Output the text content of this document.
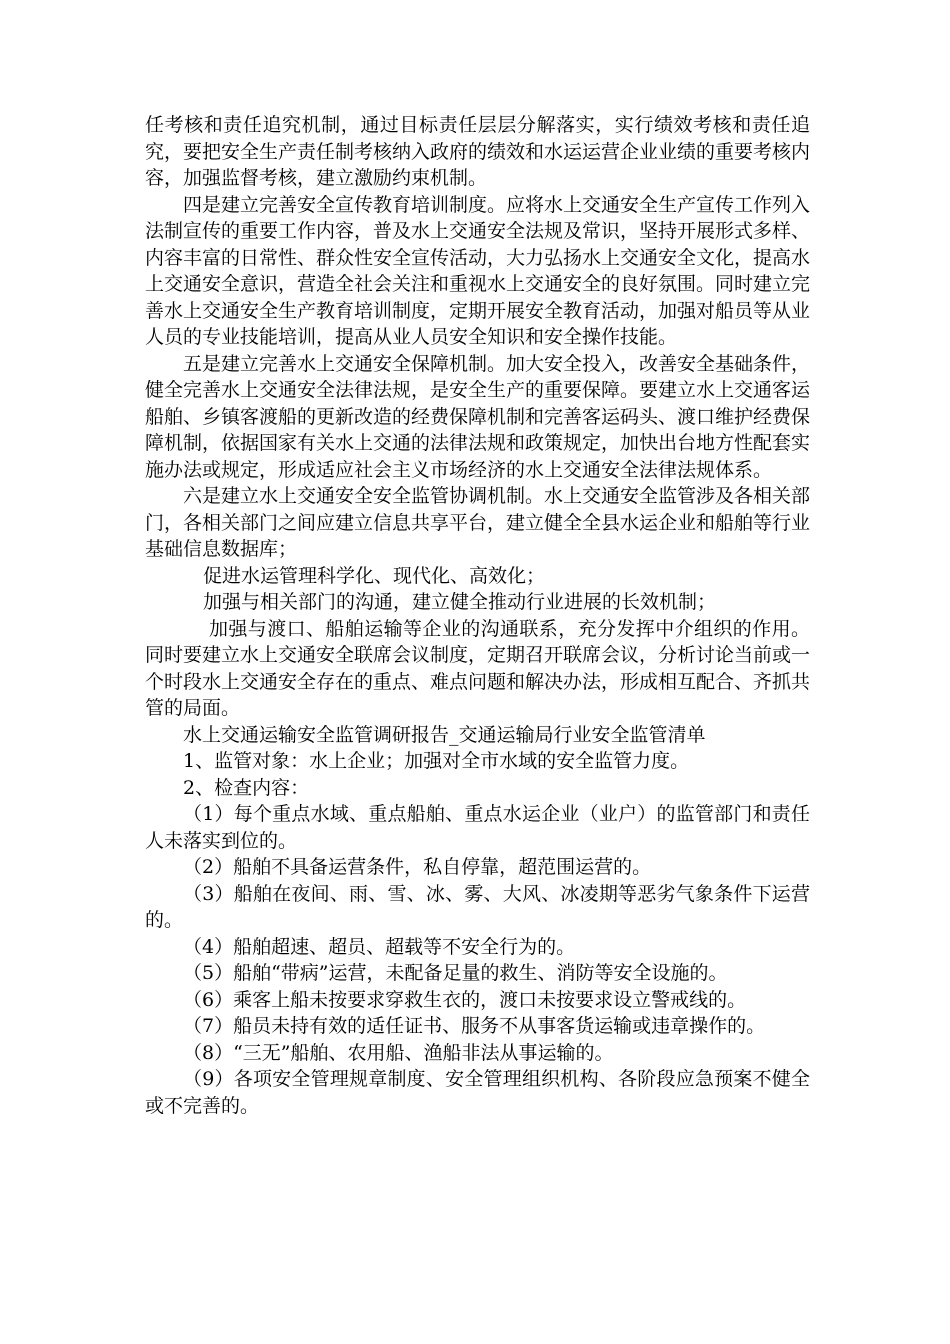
任考核和责任追究机制，通过目标责任层层分解落实，实行绩效考核和责任追究，要把安全生产责任制考核纳入政府的绩效和水运运营企业业绩的重要考核内容，加强监督考核，建立激励约束机制。

四是建立完善安全宣传教育培训制度。应将水上交通安全生产宣传工作列入法制宣传的重要工作内容，普及水上交通安全法规及常识，坚持开展形式多样、内容丰富的日常性、群众性安全宣传活动，大力弘扬水上交通安全文化，提高水上交通安全意识，营造全社会关注和重视水上交通安全的良好氛围。同时建立完善水上交通安全生产教育培训制度，定期开展安全教育活动，加强对船员等从业人员的专业技能培训，提高从业人员安全知识和安全操作技能。

五是建立完善水上交通安全保障机制。加大安全投入，改善安全基础条件，健全完善水上交通安全法律法规，是安全生产的重要保障。要建立水上交通客运船舶、乡镇客渡船的更新改造的经费保障机制和完善客运码头、渡口维护经费保障机制，依据国家有关水上交通的法律法规和政策规定，加快出台地方性配套实施办法或规定，形成适应社会主义市场经济的水上交通安全法律法规体系。

六是建立水上交通安全安全监管协调机制。水上交通安全监管涉及各相关部门，各相关部门之间应建立信息共享平台，建立健全全县水运企业和船舶等行业基础信息数据库；

促进水运管理科学化、现代化、高效化；

加强与相关部门的沟通，建立健全推动行业进展的长效机制；

加强与渡口、船舶运输等企业的沟通联系，充分发挥中介组织的作用。同时要建立水上交通安全联席会议制度，定期召开联席会议，分析讨论当前或一个时段水上交通安全存在的重点、难点问题和解决办法，形成相互配合、齐抓共管的局面。

水上交通运输安全监管调研报告_交通运输局行业安全监管清单

1、监管对象：水上企业；加强对全市水域的安全监管力度。

2、检查内容：

（1）每个重点水域、重点船舶、重点水运企业（业户）的监管部门和责任人未落实到位的。

（2）船舶不具备运营条件，私自停靠，超范围运营的。

（3）船舶在夜间、雨、雪、冰、雾、大风、冰凌期等恶劣气象条件下运营的。

（4）船舶超速、超员、超载等不安全行为的。

（5）船舶“带病”运营，未配备足量的救生、消防等安全设施的。

（6）乘客上船未按要求穿救生衣的，渡口未按要求设立警戒线的。

（7）船员未持有效的适任证书、服务不从事客货运输或违章操作的。

（8）“三无”船舶、农用船、渔船非法从事运输的。

（9）各项安全管理规章制度、安全管理组织机构、各阶段应急预案不健全或不完善的。
